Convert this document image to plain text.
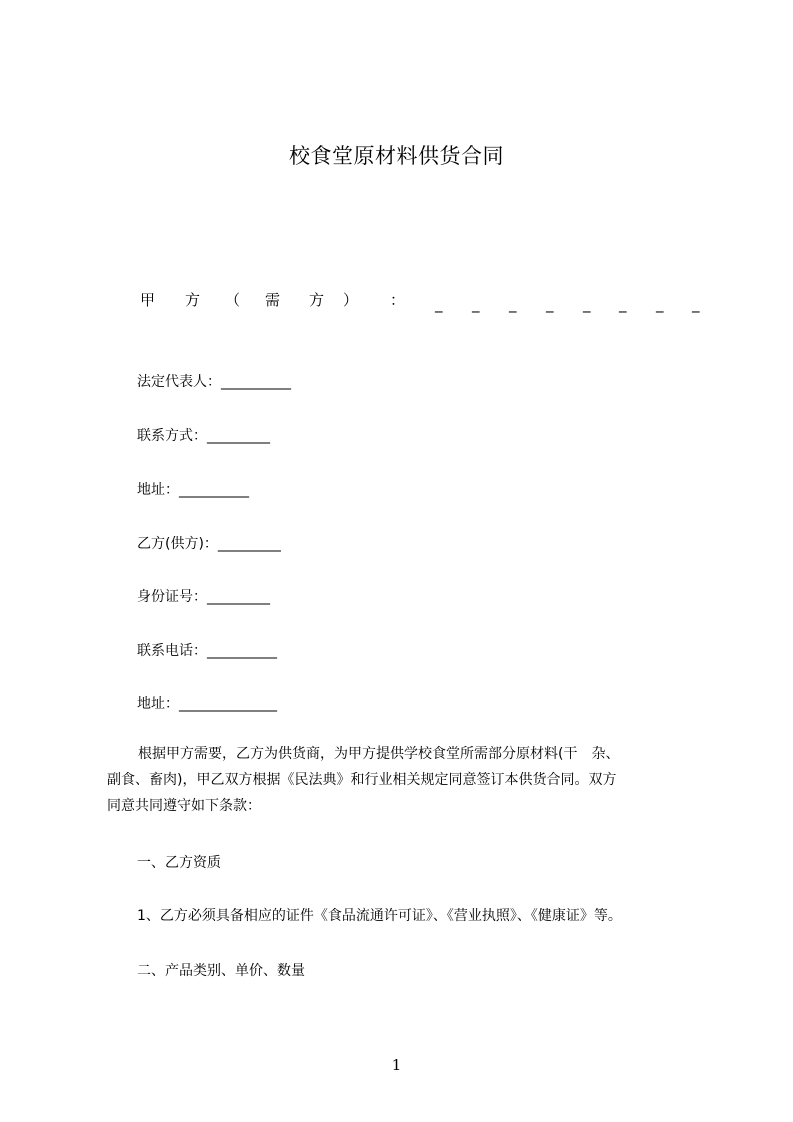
校食堂原材料供货合同
甲 方 （ 需 方 ） ： _ _ _ _ _ _ _ _
法定代表人：__________
联系方式：_________
地址：__________
乙方(供方)：_________
身份证号：_________
联系电话：__________
地址：______________
根据甲方需要，乙方为供货商，为甲方提供学校食堂所需部分原材料(干　杂、
副食、畜肉)，甲乙双方根据《民法典》和行业相关规定同意签订本供货合同。双方
同意共同遵守如下条款：
一、乙方资质
1、乙方必须具备相应的证件《食品流通许可证》、《营业执照》、《健康证》等。
二、产品类别、单价、数量
1
